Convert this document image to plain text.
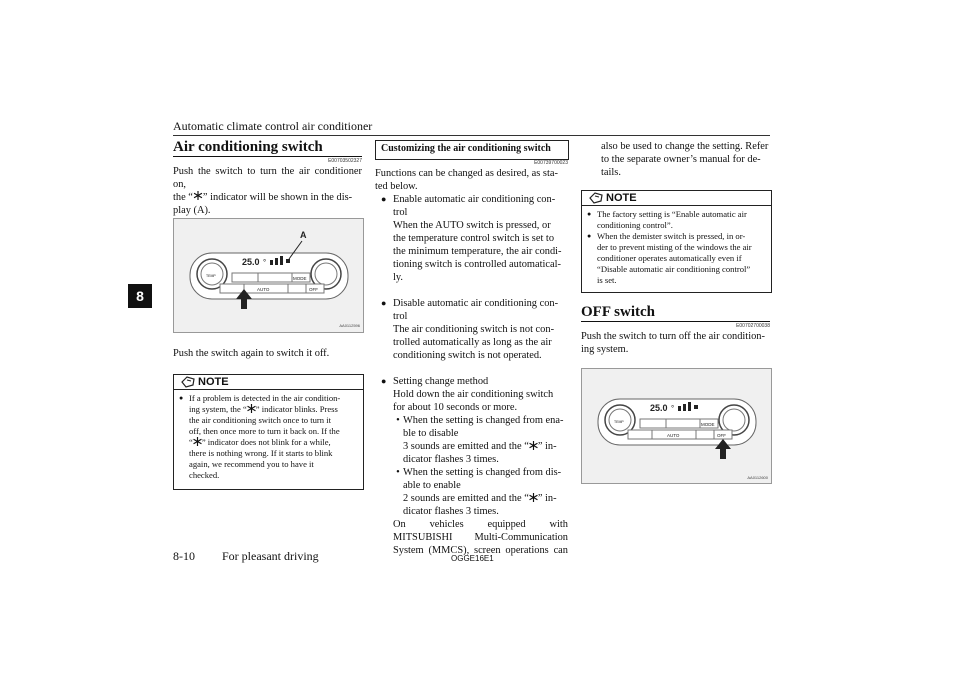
Automatic climate control air conditioner
8
Air conditioning switch
E00703502327
Push the switch to turn the air conditioner on,
the “ ” indicator will be shown in the dis-
play (A).
25.0 °
A
MODE
AUTO	OFF
TEMP
AA0112596
Push the switch again to switch it off.
NOTE
● If a problem is detected in the air condition-
ing system, the “ ” indicator blinks. Press
the air conditioning switch once to turn it
off, then once more to turn it back on. If the
“ ” indicator does not blink for a while,
there is nothing wrong. If it starts to blink
again, we recommend you to have it
checked.
Customizing the air conditioning switch
E00739700023
Functions can be changed as desired, as sta-
ted below.
● Enable automatic air conditioning con-
trol
When the AUTO switch is pressed, or
the temperature control switch is set to
the minimum temperature, the air condi-
tioning switch is controlled automatical-
ly.
● Disable automatic air conditioning con-
trol
The air conditioning switch is not con-
trolled automatically as long as the air
conditioning switch is not operated.
● Setting change method
Hold down the air conditioning switch
for about 10 seconds or more.
• When the setting is changed from ena-
ble to disable
3 sounds are emitted and the “ ” in-
dicator flashes 3 times.
• When the setting is changed from dis-
able to enable
2 sounds are emitted and the “ ” in-
dicator flashes 3 times.
On vehicles equipped with
MITSUBISHI Multi-Communication
System (MMCS), screen operations can
also be used to change the setting. Refer
to the separate owner’s manual for de-
tails.
NOTE
● The factory setting is “Enable automatic air
conditioning control”.
● When the demister switch is pressed, in or-
der to prevent misting of the windows the air
conditioner operates automatically even if
“Disable automatic air conditioning control”
is set.
OFF switch
E00702700038
Push the switch to turn off the air condition-
ing system.
25.0 °
MODE
AUTO	OFF
TEMP
AA0112600
8-10 For pleasant driving	OGGE16E1
